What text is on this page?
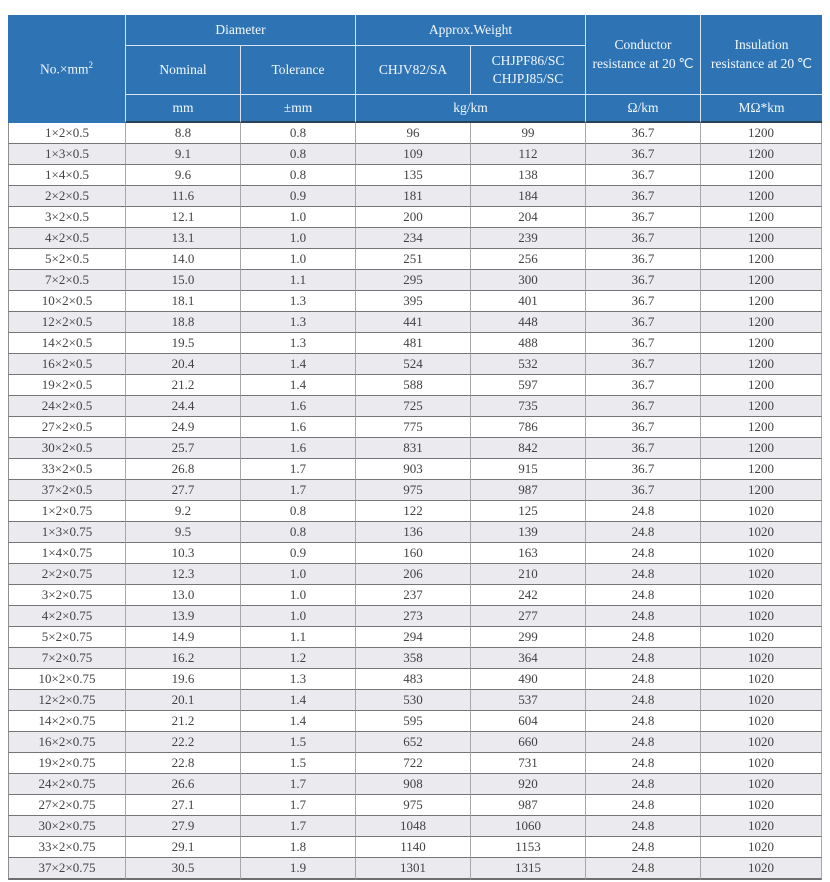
$No.\times mm^2$	Diameter		Approx.Weight		Conductor resistance at 20 ℃	Insulation resistance at 20 ℃
	Nominal	Tolerance	CHJV82/SA	CHJPF86/SC CHJPJ85/SC		
	mm	±mm	kg/km		Ω/km	MΩ*km
1×2×0.5	8.8	0.8	96	99	36.7	1200
1×3×0.5	9.1	0.8	109	112	36.7	1200
1×4×0.5	9.6	0.8	135	138	36.7	1200
2×2×0.5	11.6	0.9	181	184	36.7	1200
3×2×0.5	12.1	1.0	200	204	36.7	1200
4×2×0.5	13.1	1.0	234	239	36.7	1200
5×2×0.5	14.0	1.0	251	256	36.7	1200
7×2×0.5	15.0	1.1	295	300	36.7	1200
10×2×0.5	18.1	1.3	395	401	36.7	1200
12×2×0.5	18.8	1.3	441	448	36.7	1200
14×2×0.5	19.5	1.3	481	488	36.7	1200
16×2×0.5	20.4	1.4	524	532	36.7	1200
19×2×0.5	21.2	1.4	588	597	36.7	1200
24×2×0.5	24.4	1.6	725	735	36.7	1200
27×2×0.5	24.9	1.6	775	786	36.7	1200
30×2×0.5	25.7	1.6	831	842	36.7	1200
33×2×0.5	26.8	1.7	903	915	36.7	1200
37×2×0.5	27.7	1.7	975	987	36.7	1200
1×2×0.75	9.2	0.8	122	125	24.8	1020
1×3×0.75	9.5	0.8	136	139	24.8	1020
1×4×0.75	10.3	0.9	160	163	24.8	1020
2×2×0.75	12.3	1.0	206	210	24.8	1020
3×2×0.75	13.0	1.0	237	242	24.8	1020
4×2×0.75	13.9	1.0	273	277	24.8	1020
5×2×0.75	14.9	1.1	294	299	24.8	1020
7×2×0.75	16.2	1.2	358	364	24.8	1020
10×2×0.75	19.6	1.3	483	490	24.8	1020
12×2×0.75	20.1	1.4	530	537	24.8	1020
14×2×0.75	21.2	1.4	595	604	24.8	1020
16×2×0.75	22.2	1.5	652	660	24.8	1020
19×2×0.75	22.8	1.5	722	731	24.8	1020
24×2×0.75	26.6	1.7	908	920	24.8	1020
27×2×0.75	27.1	1.7	975	987	24.8	1020
30×2×0.75	27.9	1.7	1048	1060	24.8	1020
33×2×0.75	29.1	1.8	1140	1153	24.8	1020
37×2×0.75	30.5	1.9	1301	1315	24.8	1020
